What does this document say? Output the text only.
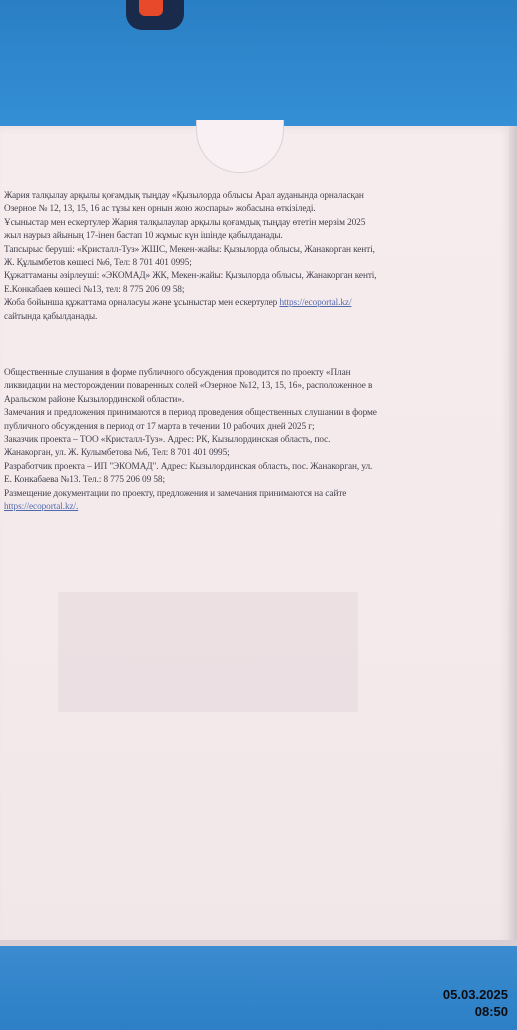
Жария талқылау арқылы қоғамдық тыңдау «Қызылорда облысы Арал ауданында орналасқан
Озерное № 12, 13, 15, 16 ас тұзы кен орнын жою жоспары» жобасына өткізіледі.
Ұсыныстар мен ескертулер Жария талқылаулар арқылы қоғамдық тыңдау өтетін мерзім 2025
жыл наурыз айының 17-інен бастап 10 жұмыс күн ішінде қабылданады.
Тапсырыс беруші: «Кристалл-Туз» ЖШС, Мекен-жайы: Қызылорда облысы, Жанакорган кенті,
Ж. Құлымбетов көшесі №6, Тел: 8 701 401 0995;
Құжаттаманы әзірлеуші: «ЭКОМАД» ЖК, Мекен-жайы: Қызылорда облысы, Жанакорган кенті,
Е.Конкабаев көшесі №13, тел: 8 775 206 09 58;
Жоба бойынша құжаттама орналасуы және ұсыныстар мен ескертулер https://ecoportal.kz/
сайтында қабылданады.
Общественные слушания в форме публичного обсуждения проводится по проекту «План
ликвидации на месторождении поваренных солей «Озерное №12, 13, 15, 16», расположенное в
Аральском районе Кызылординской области».
Замечания и предложения принимаются в период проведения общественных слушании в форме
публичного обсуждения в период от 17 марта в течении 10 рабочих дней 2025 г;
Заказчик проекта – ТОО «Кристалл-Туз». Адрес: РК, Кызылординская область, пос.
Жанакорган, ул. Ж. Кулымбетова №6, Тел: 8 701 401 0995;
Разработчик проекта – ИП "ЭКОМАД". Адрес: Кызылординская область, пос. Жанакорган, ул.
Е. Конкабаева №13. Тел.: 8 775 206 09 58;
Размещение документации по проекту, предложения и замечания принимаются на сайте
https://ecoportal.kz/.
05.03.2025
08:50
